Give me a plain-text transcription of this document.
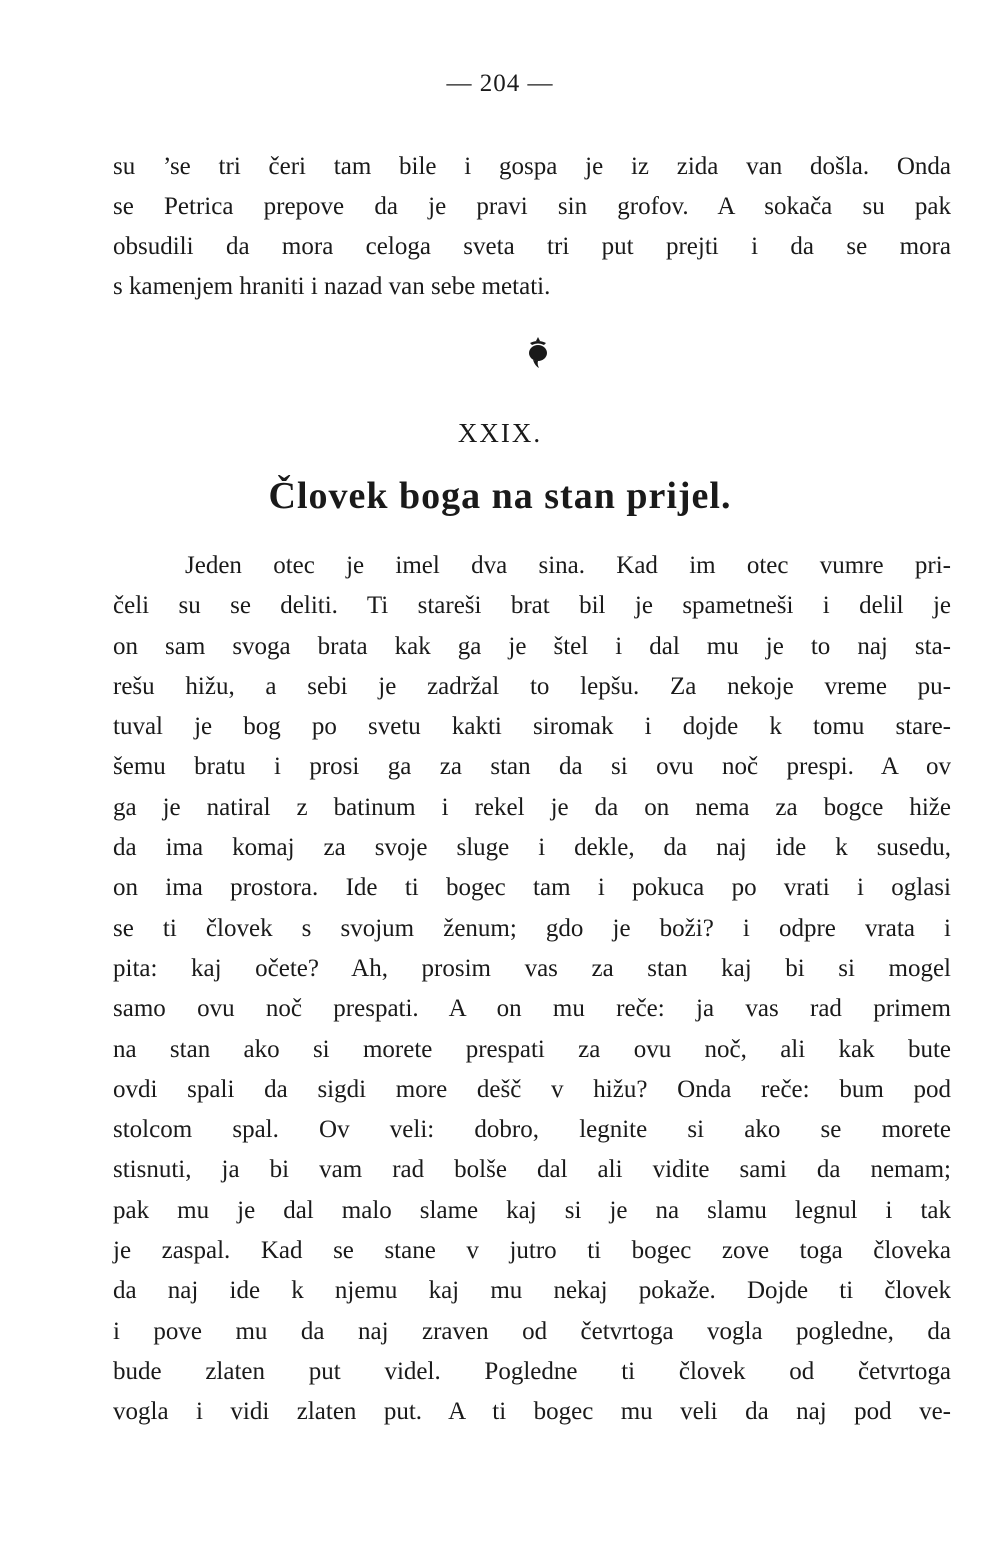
— 204 —
su ’se tri čeri tam bile i gospa je iz zida van došla. Onda
se Petrica prepove da je pravi sin grofov. A sokača su pak
obsudili da mora celoga sveta tri put prejti i da se mora
s kamenjem hraniti i nazad van sebe metati.
XXIX.
Človek boga na stan prijel.
Jeden otec je imel dva sina. Kad im otec vumre pri-
čeli su se deliti. Ti stareši brat bil je spametneši i delil je
on sam svoga brata kak ga je štel i dal mu je to naj sta-
rešu hižu, a sebi je zadržal to lepšu. Za nekoje vreme pu-
tuval je bog po svetu kakti siromak i dojde k tomu stare-
šemu bratu i prosi ga za stan da si ovu noč prespi. A ov
ga je natiral z batinum i rekel je da on nema za bogce hiže
da ima komaj za svoje sluge i dekle, da naj ide k susedu,
on ima prostora. Ide ti bogec tam i pokuca po vrati i oglasi
se ti človek s svojum ženum; gdo je boži? i odpre vrata i
pita: kaj očete? Ah, prosim vas za stan kaj bi si mogel
samo ovu noč prespati. A on mu reče: ja vas rad primem
na stan ako si morete prespati za ovu noč, ali kak bute
ovdi spali da sigdi more dešč v hižu? Onda reče: bum pod
stolcom spal. Ov veli: dobro, legnite si ako se morete
stisnuti, ja bi vam rad bolše dal ali vidite sami da nemam;
pak mu je dal malo slame kaj si je na slamu legnul i tak
je zaspal. Kad se stane v jutro ti bogec zove toga človeka
da naj ide k njemu kaj mu nekaj pokaže. Dojde ti človek
i pove mu da naj zraven od četvrtoga vogla pogledne, da
bude zlaten put videl. Pogledne ti človek od četvrtoga
vogla i vidi zlaten put. A ti bogec mu veli da naj pod ve-
